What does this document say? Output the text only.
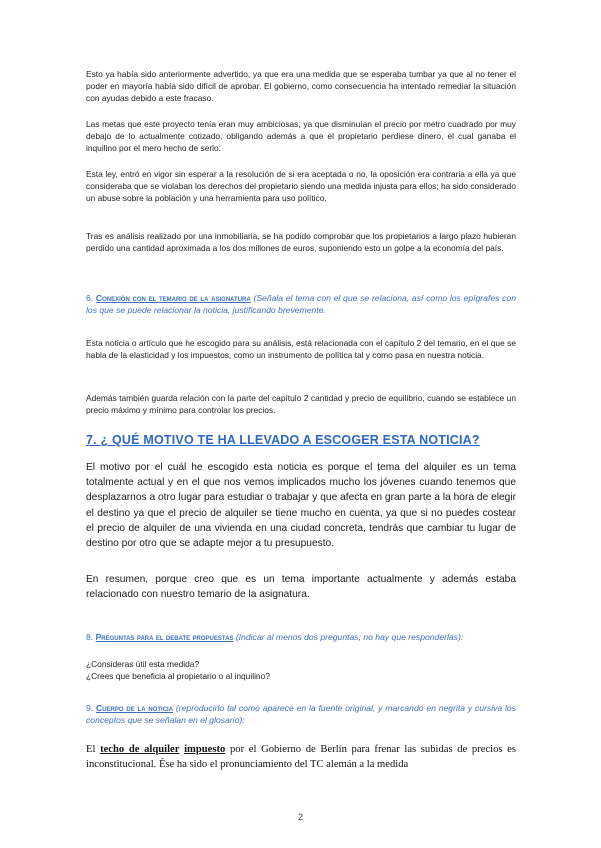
Esto ya había sido anteriormente advertido, ya que era una medida que se esperaba tumbar ya que al no tener el poder en mayoría había sido difícil de aprobar. El gobierno, como consecuencia ha intentado remediar la situación con ayudas debido a este fracaso.

Las metas que este proyecto tenía eran muy ambiciosas, ya que disminuían el precio por metro cuadrado por muy debajo de lo actualmente cotizado, obligando además a que el propietario perdiese dinero, el cual ganaba el inquilino por el mero hecho de serlo.

Esta ley, entró en vigor sin esperar a la resolución de si era aceptada o no, la oposición era contraria a ella ya que consideraba que se violaban los derechos del propietario siendo una medida injusta para ellos; ha sido considerado un abuse sobre la población y una herramienta para uso político.

Tras es análisis realizado por una inmobiliaria, se ha podido comprobar que los propietarios a largo plazo hubieran perdido una cantidad aproximada a los dos millones de euros, suponiendo esto un golpe a la economía del país.

6. Conexión con el temario de la asignatura (Señala el tema con el que se relaciona, así como los epígrafes con los que se puede relacionar la noticia, justificando brevemente.

Esta noticia o artículo que he escogido para su análisis, está relacionada con el capítulo 2 del temario, en el que se habla de la elasticidad y los impuestos, como un instrumento de política tal y como pasa en nuestra noticia.

Además también guarda relación con la parte del capítulo 2 cantidad y precio de equilibrio, cuando se establece un precio máximo y mínimo para controlar los precios.

7. ¿ QUÉ MOTIVO TE HA LLEVADO A ESCOGER ESTA NOTICIA?

El motivo por el cuál he escogido esta noticia es porque el tema del alquiler es un tema totalmente actual y en el que nos vemos implicados mucho los jóvenes cuando tenemos que desplazarnos a otro lugar para estudiar o trabajar y que afecta en gran parte a la hora de elegir el destino ya que el precio de alquiler se tiene mucho en cuenta, ya que si no puedes costear el precio de alquiler de una vivienda en una ciudad concreta, tendrás que cambiar tu lugar de destino por otro que se adapte mejor a tu presupuesto.

En resumen, porque creo que es un tema importante actualmente y además estaba relacionado con nuestro temario de la asignatura.

8. Preguntas para el debate propuestas (Indicar al menos dos preguntas; no hay que responderlas):
¿Consideras útil esta medida?
¿Crees que beneficia al propietario o al inquilino?
9. Cuerpo de la noticia (reproducirlo tal como aparece en la fuente original, y marcando en negrita y cursiva los conceptos que se señalan en el glosario):

El techo de alquiler impuesto por el Gobierno de Berlín para frenar las subidas de precios es inconstitucional. Ése ha sido el pronunciamiento del TC alemán a la medida

2
